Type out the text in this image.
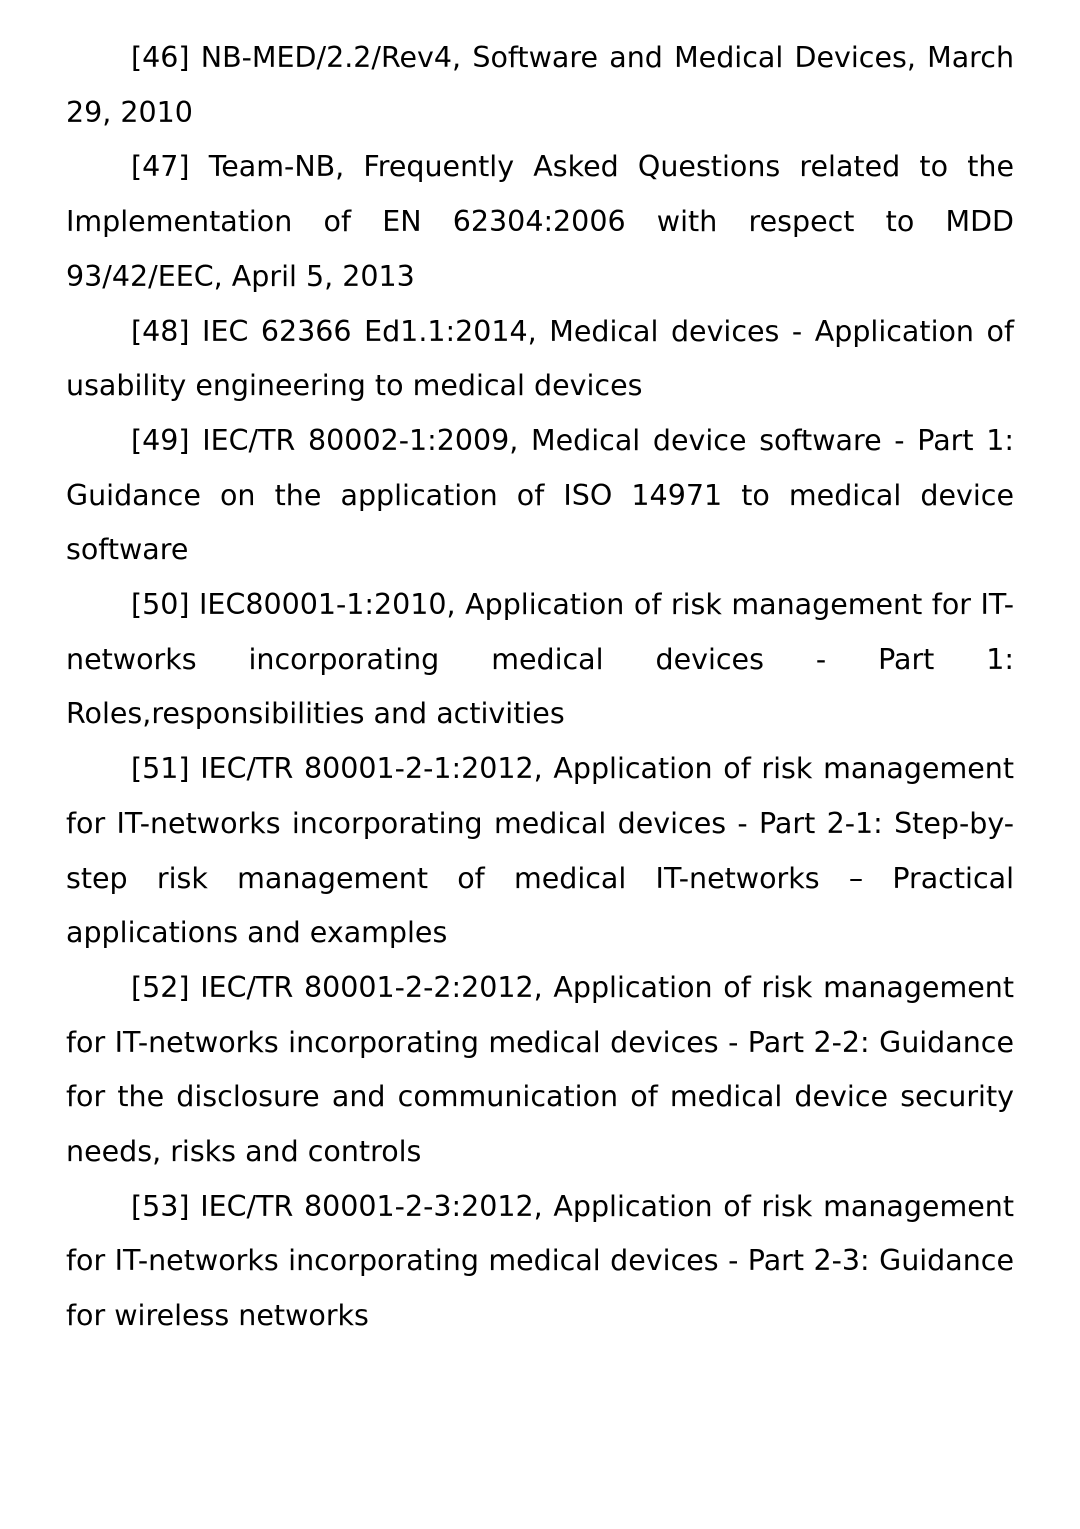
[46] NB-MED/2.2/Rev4, Software and Medical Devices, March 29, 2010

[47] Team-NB, Frequently Asked Questions related to the Implementation of EN 62304:2006 with respect to MDD 93/42/EEC, April 5, 2013

[48] IEC 62366 Ed1.1:2014, Medical devices - Application of usability engineering to medical devices

[49] IEC/TR 80002-1:2009, Medical device software - Part 1: Guidance on the application of ISO 14971 to medical device software

[50] IEC80001-1:2010, Application of risk management for IT-networks incorporating medical devices - Part 1: Roles,responsibilities and activities

[51] IEC/TR 80001-2-1:2012, Application of risk management for IT-networks incorporating medical devices - Part 2-1: Step-by-step risk management of medical IT-networks – Practical applications and examples

[52] IEC/TR 80001-2-2:2012, Application of risk management for IT-networks incorporating medical devices - Part 2-2: Guidance for the disclosure and communication of medical device security needs, risks and controls

[53] IEC/TR 80001-2-3:2012, Application of risk management for IT-networks incorporating medical devices - Part 2-3: Guidance for wireless networks
